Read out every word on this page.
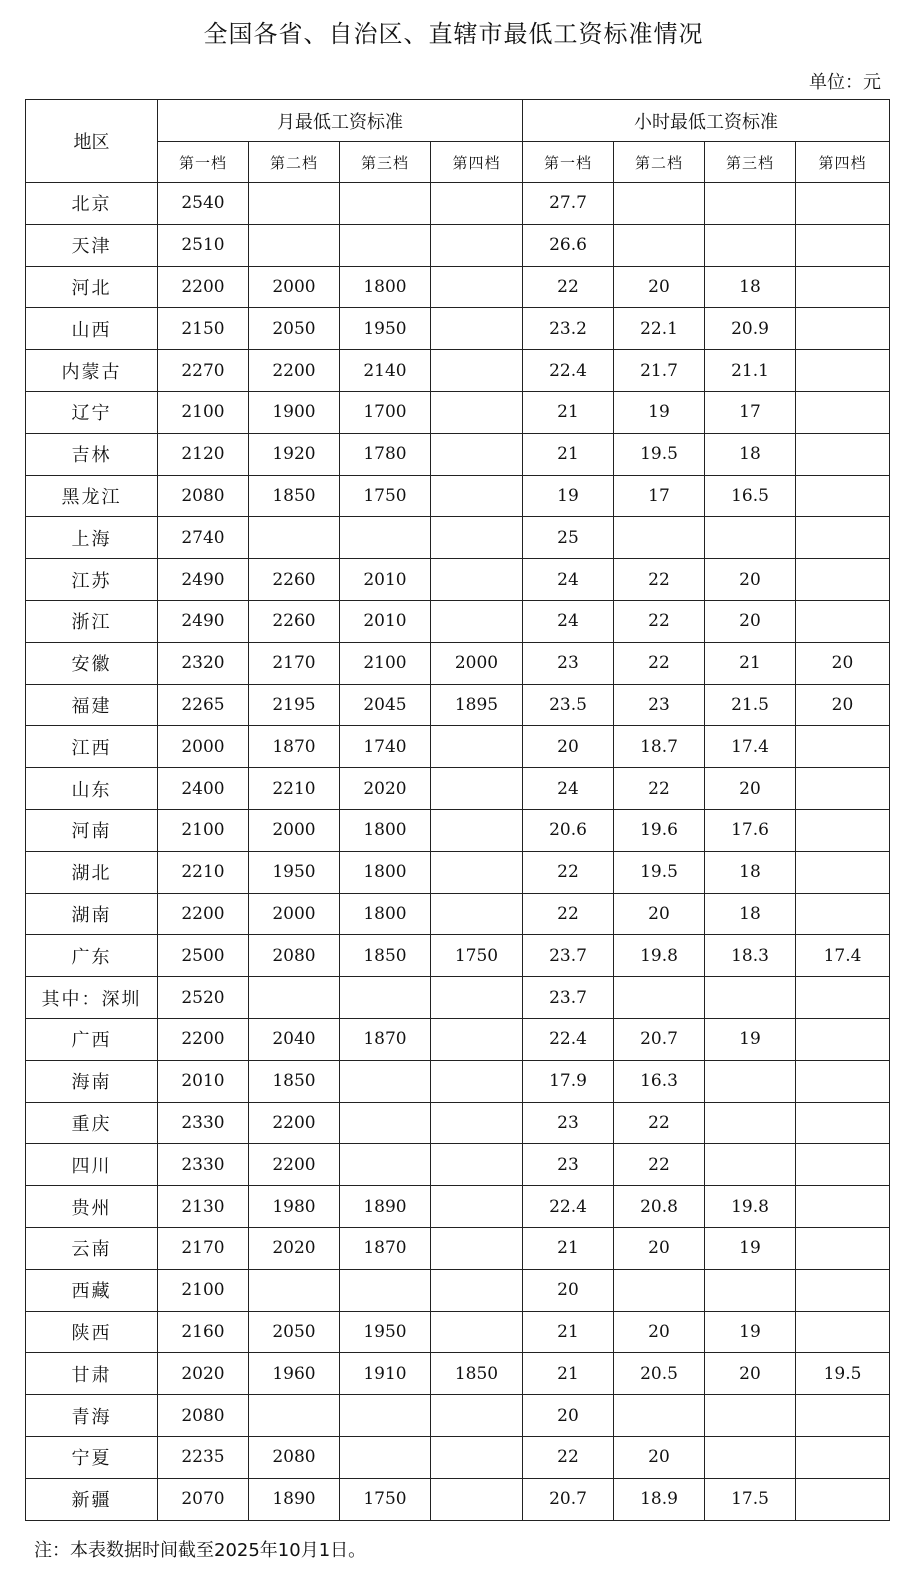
全国各省、自治区、直辖市最低工资标准情况
单位：元
地区	月最低工资标准				小时最低工资标准			
	第一档	第二档	第三档	第四档	第一档	第二档	第三档	第四档
北京	2540				27.7			
天津	2510				26.6			
河北	2200	2000	1800		22	20	18	
山西	2150	2050	1950		23.2	22.1	20.9	
内蒙古	2270	2200	2140		22.4	21.7	21.1	
辽宁	2100	1900	1700		21	19	17	
吉林	2120	1920	1780		21	19.5	18	
黑龙江	2080	1850	1750		19	17	16.5	
上海	2740				25			
江苏	2490	2260	2010		24	22	20	
浙江	2490	2260	2010		24	22	20	
安徽	2320	2170	2100	2000	23	22	21	20
福建	2265	2195	2045	1895	23.5	23	21.5	20
江西	2000	1870	1740		20	18.7	17.4	
山东	2400	2210	2020		24	22	20	
河南	2100	2000	1800		20.6	19.6	17.6	
湖北	2210	1950	1800		22	19.5	18	
湖南	2200	2000	1800		22	20	18	
广东	2500	2080	1850	1750	23.7	19.8	18.3	17.4
其中：深圳	2520				23.7			
广西	2200	2040	1870		22.4	20.7	19	
海南	2010	1850			17.9	16.3		
重庆	2330	2200			23	22		
四川	2330	2200			23	22		
贵州	2130	1980	1890		22.4	20.8	19.8	
云南	2170	2020	1870		21	20	19	
西藏	2100				20			
陕西	2160	2050	1950		21	20	19	
甘肃	2020	1960	1910	1850	21	20.5	20	19.5
青海	2080				20			
宁夏	2235	2080			22	20		
新疆	2070	1890	1750		20.7	18.9	17.5	
注：本表数据时间截至2025年10月1日。
